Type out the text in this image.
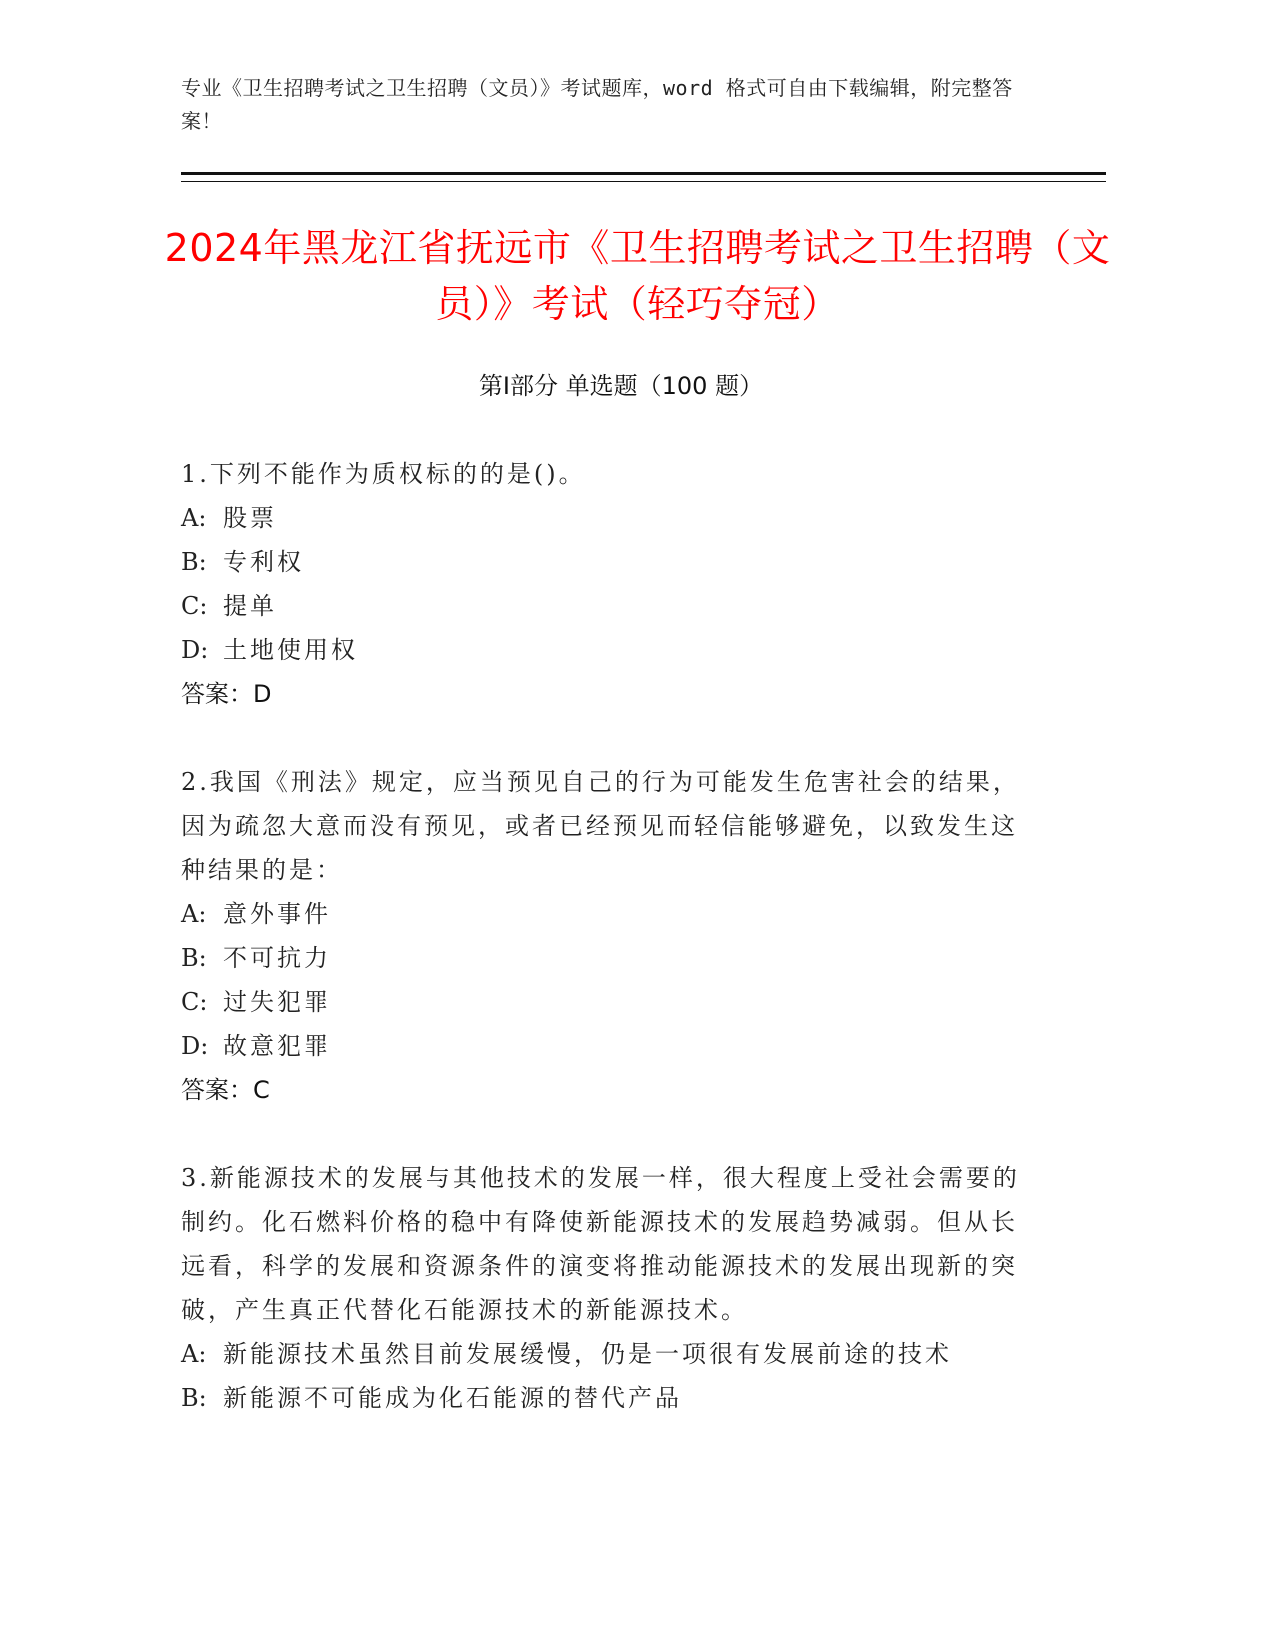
专业《卫生招聘考试之卫生招聘（文员）》考试题库，word 格式可自由下载编辑，附完整答案！
2024年黑龙江省抚远市《卫生招聘考试之卫生招聘（文员）》考试（轻巧夺冠）
第Ⅰ部分 单选题（100 题）
1.下列不能作为质权标的的是()。
A: 股票
B: 专利权
C: 提单
D: 土地使用权
答案：D
2.我国《刑法》规定，应当预见自己的行为可能发生危害社会的结果，因为疏忽大意而没有预见，或者已经预见而轻信能够避免，以致发生这种结果的是：
A: 意外事件
B: 不可抗力
C: 过失犯罪
D: 故意犯罪
答案：C
3.新能源技术的发展与其他技术的发展一样，很大程度上受社会需要的制约。化石燃料价格的稳中有降使新能源技术的发展趋势减弱。但从长远看，科学的发展和资源条件的演变将推动能源技术的发展出现新的突破，产生真正代替化石能源技术的新能源技术。
A: 新能源技术虽然目前发展缓慢，仍是一项很有发展前途的技术
B: 新能源不可能成为化石能源的替代产品
